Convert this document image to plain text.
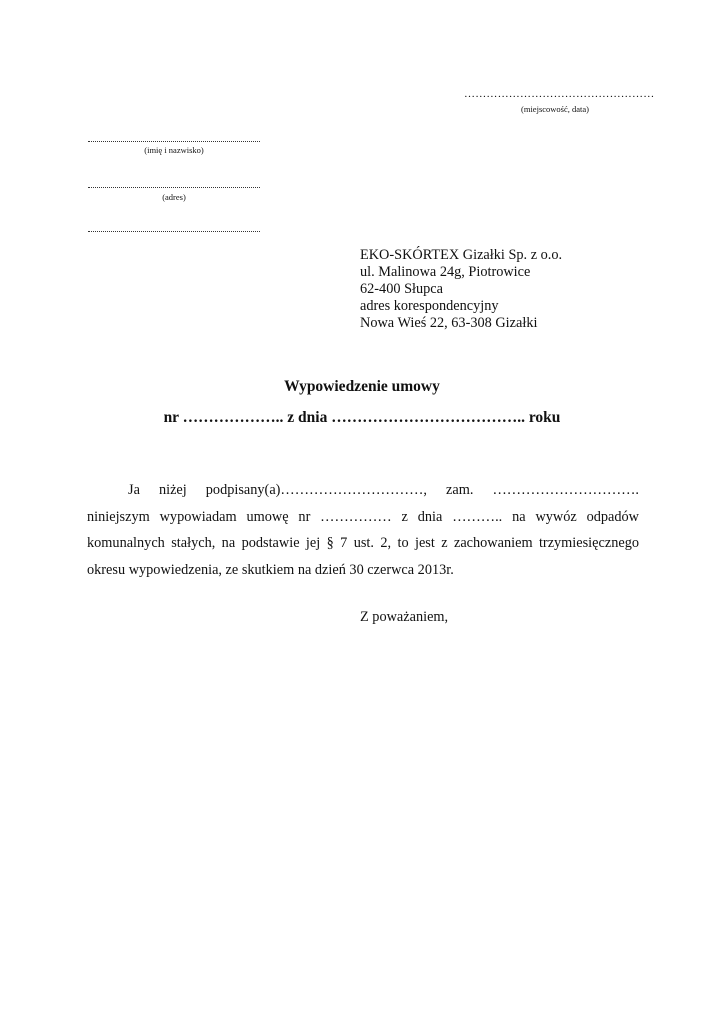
……………………………………………
(miejscowość, data)
(imię i nazwisko)
(adres)
EKO-SKÓRTEX Gizałki Sp. z o.o.
ul. Malinowa 24g, Piotrowice
62-400 Słupca
adres korespondencyjny
Nowa Wieś 22, 63-308 Gizałki
Wypowiedzenie umowy
nr ……………….. z dnia ……………………………….. roku
Ja niżej podpisany(a)…………………………, zam. …………………………. niniejszym wypowiadam umowę nr …………… z dnia ……….. na wywóz odpadów komunalnych stałych, na podstawie jej § 7 ust. 2, to jest z zachowaniem trzymiesięcznego okresu wypowiedzenia, ze skutkiem na dzień 30 czerwca 2013r.
Z poważaniem,
